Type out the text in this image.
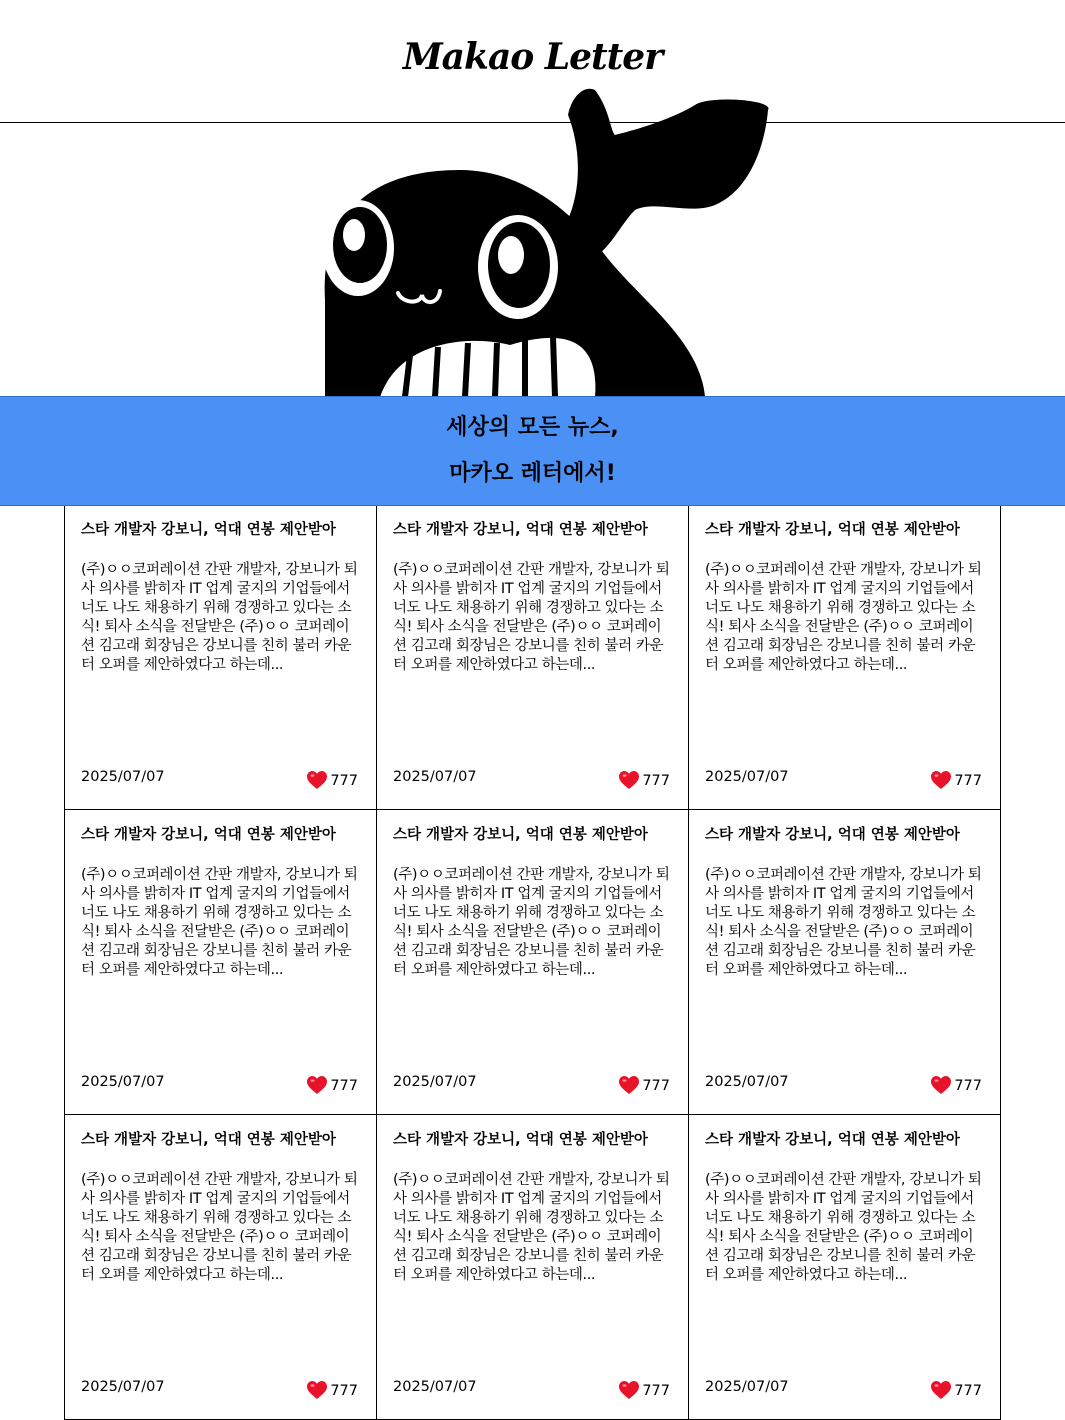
Makao Letter
세상의 모든 뉴스,
마카오 레터에서!
스타 개발자 강보니, 억대 연봉 제안받아

(주)ㅇㅇ코퍼레이션 간판 개발자, 강보니가 퇴사 의사를 밝히자 IT 업계 굴지의 기업들에서 너도 나도 채용하기 위해 경쟁하고 있다는 소식! 퇴사 소식을 전달받은 (주)ㅇㅇ 코퍼레이션 김고래 회장님은 강보니를 친히 불러 카운터 오퍼를 제안하였다고 하는데...

2025/07/07	777
스타 개발자 강보니, 억대 연봉 제안받아

(주)ㅇㅇ코퍼레이션 간판 개발자, 강보니가 퇴사 의사를 밝히자 IT 업계 굴지의 기업들에서 너도 나도 채용하기 위해 경쟁하고 있다는 소식! 퇴사 소식을 전달받은 (주)ㅇㅇ 코퍼레이션 김고래 회장님은 강보니를 친히 불러 카운터 오퍼를 제안하였다고 하는데...

2025/07/07	777
스타 개발자 강보니, 억대 연봉 제안받아

(주)ㅇㅇ코퍼레이션 간판 개발자, 강보니가 퇴사 의사를 밝히자 IT 업계 굴지의 기업들에서 너도 나도 채용하기 위해 경쟁하고 있다는 소식! 퇴사 소식을 전달받은 (주)ㅇㅇ 코퍼레이션 김고래 회장님은 강보니를 친히 불러 카운터 오퍼를 제안하였다고 하는데...

2025/07/07	777
스타 개발자 강보니, 억대 연봉 제안받아

(주)ㅇㅇ코퍼레이션 간판 개발자, 강보니가 퇴사 의사를 밝히자 IT 업계 굴지의 기업들에서 너도 나도 채용하기 위해 경쟁하고 있다는 소식! 퇴사 소식을 전달받은 (주)ㅇㅇ 코퍼레이션 김고래 회장님은 강보니를 친히 불러 카운터 오퍼를 제안하였다고 하는데...

2025/07/07	777
스타 개발자 강보니, 억대 연봉 제안받아

(주)ㅇㅇ코퍼레이션 간판 개발자, 강보니가 퇴사 의사를 밝히자 IT 업계 굴지의 기업들에서 너도 나도 채용하기 위해 경쟁하고 있다는 소식! 퇴사 소식을 전달받은 (주)ㅇㅇ 코퍼레이션 김고래 회장님은 강보니를 친히 불러 카운터 오퍼를 제안하였다고 하는데...

2025/07/07	777
스타 개발자 강보니, 억대 연봉 제안받아

(주)ㅇㅇ코퍼레이션 간판 개발자, 강보니가 퇴사 의사를 밝히자 IT 업계 굴지의 기업들에서 너도 나도 채용하기 위해 경쟁하고 있다는 소식! 퇴사 소식을 전달받은 (주)ㅇㅇ 코퍼레이션 김고래 회장님은 강보니를 친히 불러 카운터 오퍼를 제안하였다고 하는데...

2025/07/07	777
스타 개발자 강보니, 억대 연봉 제안받아

(주)ㅇㅇ코퍼레이션 간판 개발자, 강보니가 퇴사 의사를 밝히자 IT 업계 굴지의 기업들에서 너도 나도 채용하기 위해 경쟁하고 있다는 소식! 퇴사 소식을 전달받은 (주)ㅇㅇ 코퍼레이션 김고래 회장님은 강보니를 친히 불러 카운터 오퍼를 제안하였다고 하는데...

2025/07/07	777
스타 개발자 강보니, 억대 연봉 제안받아

(주)ㅇㅇ코퍼레이션 간판 개발자, 강보니가 퇴사 의사를 밝히자 IT 업계 굴지의 기업들에서 너도 나도 채용하기 위해 경쟁하고 있다는 소식! 퇴사 소식을 전달받은 (주)ㅇㅇ 코퍼레이션 김고래 회장님은 강보니를 친히 불러 카운터 오퍼를 제안하였다고 하는데...

2025/07/07	777
스타 개발자 강보니, 억대 연봉 제안받아

(주)ㅇㅇ코퍼레이션 간판 개발자, 강보니가 퇴사 의사를 밝히자 IT 업계 굴지의 기업들에서 너도 나도 채용하기 위해 경쟁하고 있다는 소식! 퇴사 소식을 전달받은 (주)ㅇㅇ 코퍼레이션 김고래 회장님은 강보니를 친히 불러 카운터 오퍼를 제안하였다고 하는데...

2025/07/07	777
